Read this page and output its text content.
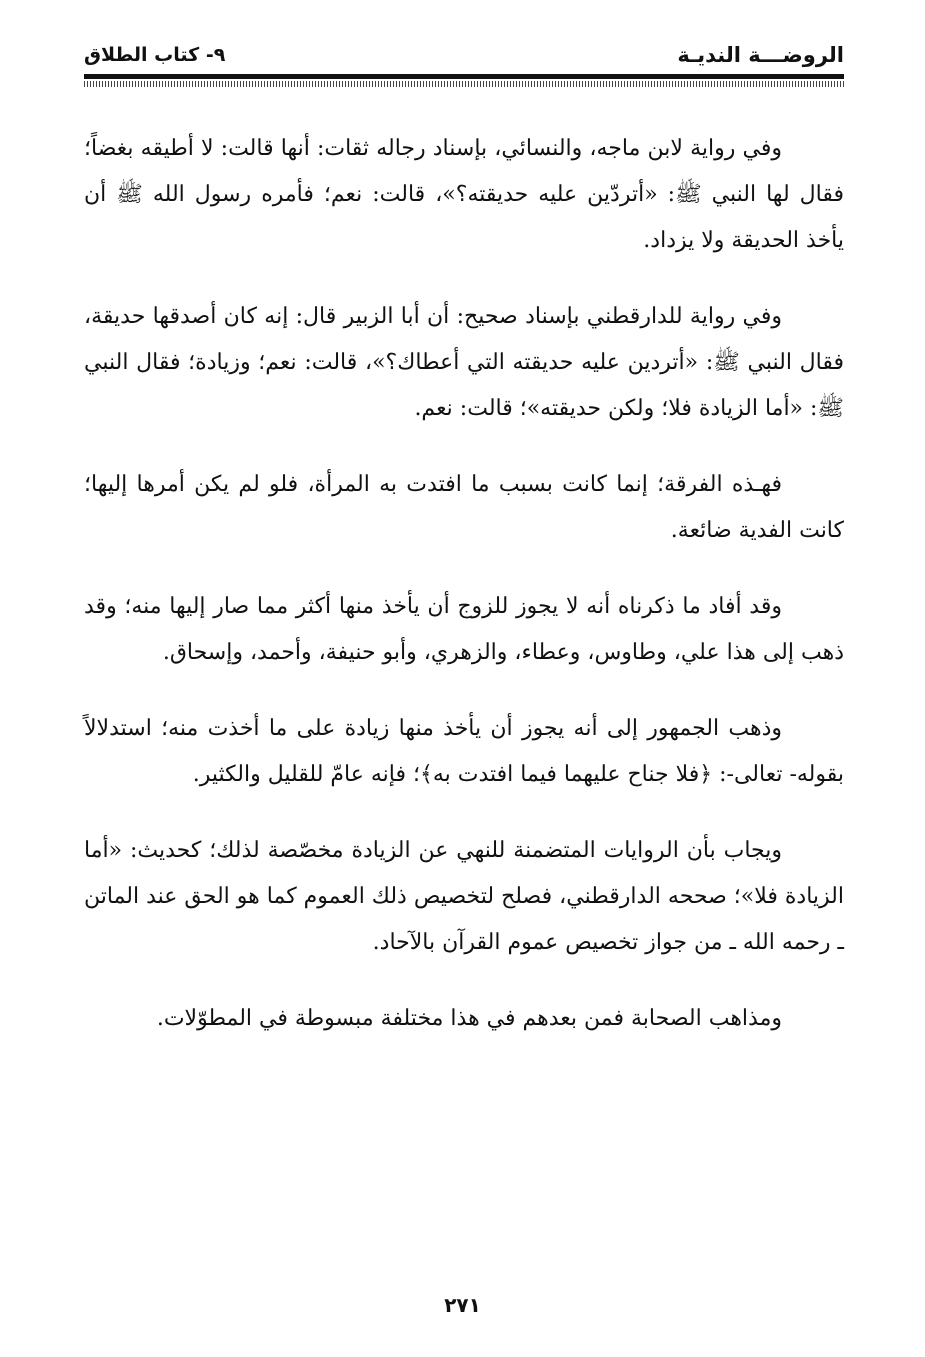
الروضـــة النديـة
٩- كتاب الطلاق

وفي رواية لابن ماجه، والنسائي، بإسناد رجاله ثقات: أنها قالت: لا أطيقه بغضاً؛ فقال لها النبي ﷺ: «أتردّين عليه حديقته؟»، قالت: نعم؛ فأمره رسول الله ﷺ أن يأخذ الحديقة ولا يزداد.

وفي رواية للدارقطني بإسناد صحيح: أن أبا الزبير قال: إنه كان أصدقها حديقة، فقال النبي ﷺ: «أتردين عليه حديقته التي أعطاك؟»، قالت: نعم؛ وزيادة؛ فقال النبي ﷺ: «أما الزيادة فلا؛ ولكن حديقته»؛ قالت: نعم.

فهـذه الفرقة؛ إنما كانت بسبب ما افتدت به المرأة، فلو لم يكن أمرها إليها؛ كانت الفدية ضائعة.

وقد أفاد ما ذكرناه أنه لا يجوز للزوج أن يأخذ منها أكثر مما صار إليها منه؛ وقد ذهب إلى هذا علي، وطاوس، وعطاء، والزهري، وأبو حنيفة، وأحمد، وإسحاق.

وذهب الجمهور إلى أنه يجوز أن يأخذ منها زيادة على ما أخذت منه؛ استدلالاً بقوله- تعالى-: ﴿فلا جناح عليهما فيما افتدت به﴾؛ فإنه عامّ للقليل والكثير.

ويجاب بأن الروايات المتضمنة للنهي عن الزيادة مخصّصة لذلك؛ كحديث: «أما الزيادة فلا»؛ صححه الدارقطني، فصلح لتخصيص ذلك العموم كما هو الحق عند الماتن ـ رحمه الله ـ من جواز تخصيص عموم القرآن بالآحاد.

ومذاهب الصحابة فمن بعدهم في هذا مختلفة مبسوطة في المطوّلات.

٢٧١
